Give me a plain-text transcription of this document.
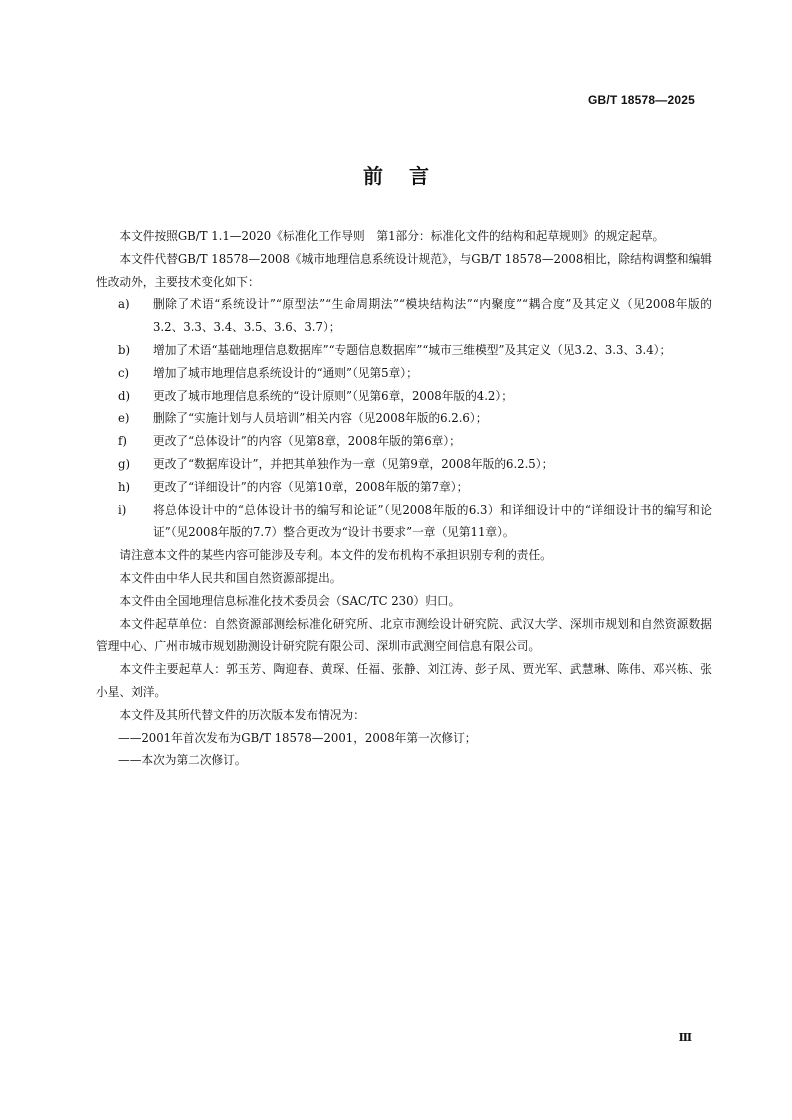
GB/T 18578—2025
前言

本文件按照GB/T 1.1—2020《标准化工作导则　第1部分：标准化文件的结构和起草规则》的规定起草。

本文件代替GB/T 18578—2008《城市地理信息系统设计规范》，与GB/T 18578—2008相比，除结构调整和编辑性改动外，主要技术变化如下：

a)	删除了术语“系统设计”“原型法”“生命周期法”“模块结构法”“内聚度”“耦合度”及其定义（见2008年版的3.2、3.3、3.4、3.5、3.6、3.7）；
b)	增加了术语“基础地理信息数据库”“专题信息数据库”“城市三维模型”及其定义（见3.2、3.3、3.4）；
c)	增加了城市地理信息系统设计的“通则”（见第5章）；
d)	更改了城市地理信息系统的“设计原则”（见第6章，2008年版的4.2）；
e)	删除了“实施计划与人员培训”相关内容（见2008年版的6.2.6）；
f)	更改了“总体设计”的内容（见第8章，2008年版的第6章）；
g)	更改了“数据库设计”，并把其单独作为一章（见第9章，2008年版的6.2.5）；
h)	更改了“详细设计”的内容（见第10章，2008年版的第7章）；
i)	将总体设计中的“总体设计书的编写和论证”（见2008年版的6.3）和详细设计中的“详细设计书的编写和论证”（见2008年版的7.7）整合更改为“设计书要求”一章（见第11章）。

请注意本文件的某些内容可能涉及专利。本文件的发布机构不承担识别专利的责任。

本文件由中华人民共和国自然资源部提出。

本文件由全国地理信息标准化技术委员会（SAC/TC 230）归口。

本文件起草单位：自然资源部测绘标准化研究所、北京市测绘设计研究院、武汉大学、深圳市规划和自然资源数据管理中心、广州市城市规划勘测设计研究院有限公司、深圳市武测空间信息有限公司。

本文件主要起草人：郭玉芳、陶迎春、黄琛、任福、张静、刘江涛、彭子凤、贾光军、武慧琳、陈伟、邓兴栋、张小星、刘洋。

本文件及其所代替文件的历次版本发布情况为：

——2001年首次发布为GB/T 18578—2001，2008年第一次修订；
——本次为第二次修订。
Ⅲ
